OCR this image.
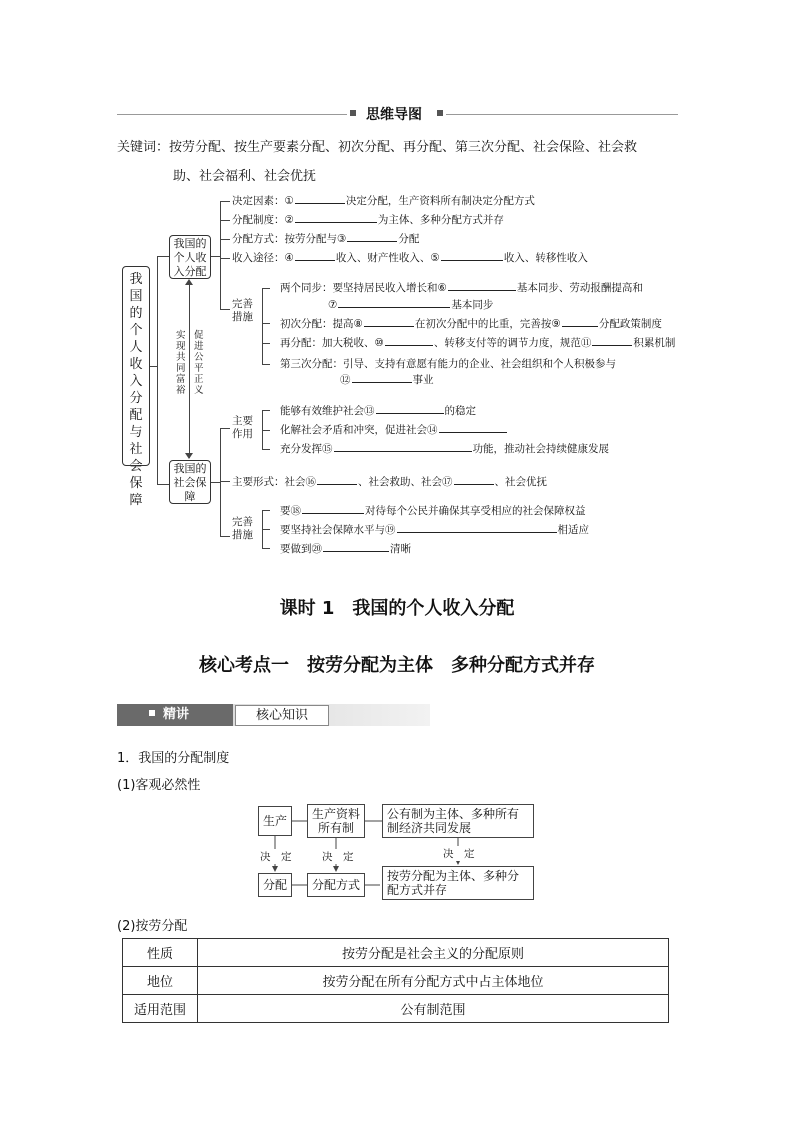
思维导图
关键词：按劳分配、按生产要素分配、初次分配、再分配、第三次分配、社会保险、社会救
助、社会福利、社会优抚
我国的个人收入分配与社会保障
我国的个人收入分配
我国的社会保障
实现共同富裕
促进公平正义
决定因素：①	决定分配，生产资料所有制决定分配方式
分配制度：②	为主体、多种分配方式并存
分配方式：按劳分配与③	分配
收入途径：④	收入、财产性收入、⑤	收入、转移性收入
完善措施
两个同步：要坚持居民收入增长和⑥	基本同步、劳动报酬提高和
⑦	基本同步
初次分配：提高⑧	在初次分配中的比重，完善按⑨	分配政策制度
再分配：加大税收、⑩	、转移支付等的调节力度，规范⑪	积累机制
第三次分配：引导、支持有意愿有能力的企业、社会组织和个人积极参与
⑫	事业
主要作用
能够有效维护社会⑬	的稳定
化解社会矛盾和冲突，促进社会⑭
充分发挥⑮	功能，推动社会持续健康发展
主要形式：社会⑯	、社会救助、社会⑰	、社会优抚
完善措施
要⑱	对待每个公民并确保其享受相应的社会保障权益
要坚持社会保障水平与⑲	相适应
要做到⑳	清晰
课时 1　我国的个人收入分配
核心考点一　按劳分配为主体　多种分配方式并存
精讲	核心知识
1．我国的分配制度
(1)客观必然性
生产	生产资料所有制
公有制为主体、多种所有制经济共同发展
分配	分配方式
按劳分配为主体、多种分配方式并存
决　定	决　定	决　定
(2)按劳分配
性质	按劳分配是社会主义的分配原则
地位	按劳分配在所有分配方式中占主体地位
适用范围	公有制范围
